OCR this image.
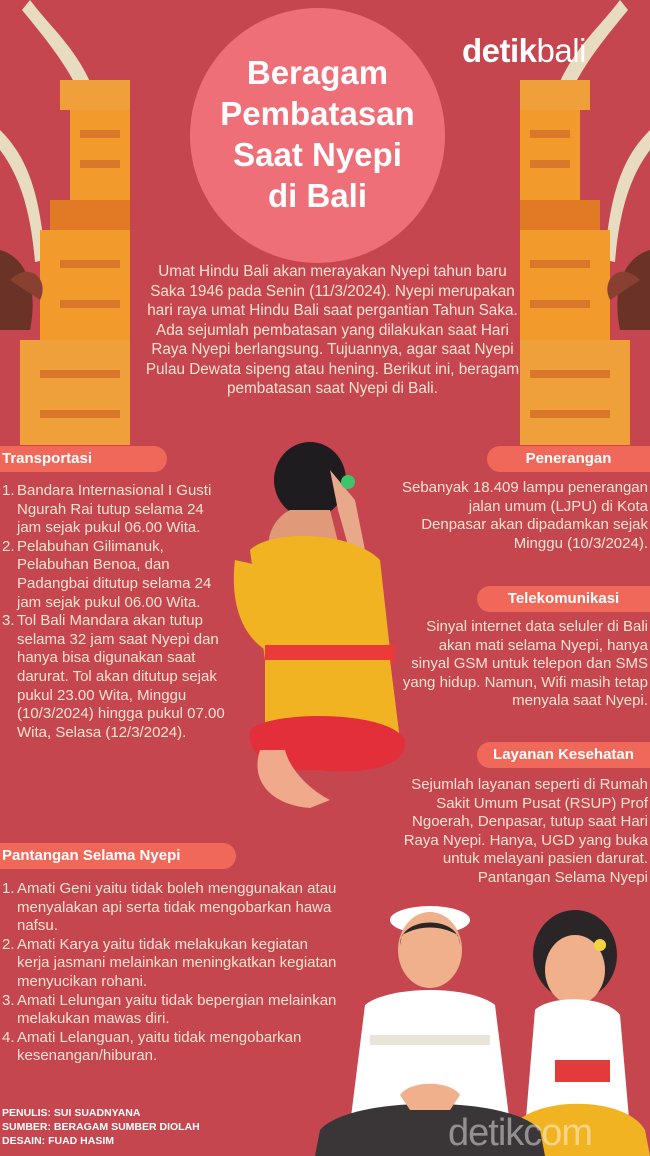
Beragam
Pembatasan
Saat Nyepi
di Bali
detikbali

Umat Hindu Bali akan merayakan Nyepi tahun baru Saka 1946 pada Senin (11/3/2024). Nyepi merupakan hari raya umat Hindu Bali saat pergantian Tahun Saka. Ada sejumlah pembatasan yang dilakukan saat Hari Raya Nyepi berlangsung. Tujuannya, agar saat Nyepi Pulau Dewata sipeng atau hening. Berikut ini, beragam pembatasan saat Nyepi di Bali.

Transportasi
1. Bandara Internasional I Gusti Ngurah Rai tutup selama 24 jam sejak pukul 06.00 Wita.
2. Pelabuhan Gilimanuk, Pelabuhan Benoa, dan Padangbai ditutup selama 24 jam sejak pukul 06.00 Wita.
3. Tol Bali Mandara akan tutup selama 32 jam saat Nyepi dan hanya bisa digunakan saat darurat. Tol akan ditutup sejak pukul 23.00 Wita, Minggu (10/3/2024) hingga pukul 07.00 Wita, Selasa (12/3/2024).
Penerangan

Sebanyak 18.409 lampu penerangan jalan umum (LJPU) di Kota Denpasar akan dipadamkan sejak Minggu (10/3/2024).

Telekomunikasi

Sinyal internet data seluler di Bali akan mati selama Nyepi, hanya sinyal GSM untuk telepon dan SMS yang hidup. Namun, Wifi masih tetap menyala saat Nyepi.

Layanan Kesehatan

Sejumlah layanan seperti di Rumah Sakit Umum Pusat (RSUP) Prof Ngoerah, Denpasar, tutup saat Hari Raya Nyepi. Hanya, UGD yang buka untuk melayani pasien darurat. Pantangan Selama Nyepi

Pantangan Selama Nyepi
1. Amati Geni yaitu tidak boleh menggunakan atau menyalakan api serta tidak mengobarkan hawa nafsu.
2. Amati Karya yaitu tidak melakukan kegiatan kerja jasmani melainkan meningkatkan kegiatan menyucikan rohani.
3. Amati Lelungan yaitu tidak bepergian melainkan melakukan mawas diri.
4. Amati Lelanguan, yaitu tidak mengobarkan kesenangan/hiburan.
PENULIS: SUI SUADNYANA
SUMBER: BERAGAM SUMBER DIOLAH
DESAIN: FUAD HASIM	detikcom
